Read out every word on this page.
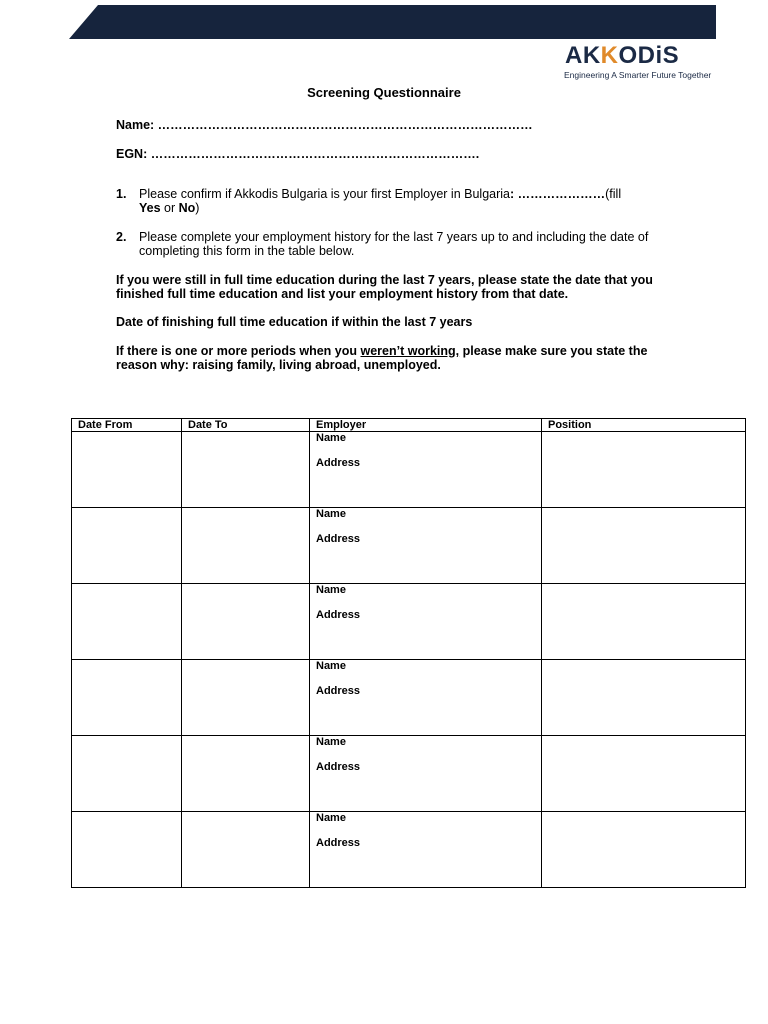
AKKODiS
Engineering A Smarter Future Together
Screening Questionnaire
Name: ………………………………………………………………………………
EGN: …………………………………………………………………….
1. Please confirm if Akkodis Bulgaria is your first Employer in Bulgaria: …………………(fill
Yes or No)
2. Please complete your employment history for the last 7 years up to and including the date of completing this form in the table below.
If you were still in full time education during the last 7 years, please state the date that you finished full time education and list your employment history from that date.
Date of finishing full time education if within the last 7 years
If there is one or more periods when you weren’t working, please make sure you state the reason why: raising family, living abroad, unemployed.
Date From	Date To	Employer	Position

		Name
Address	

		Name
Address	

		Name
Address	

		Name
Address	

		Name
Address	

		Name
Address	
